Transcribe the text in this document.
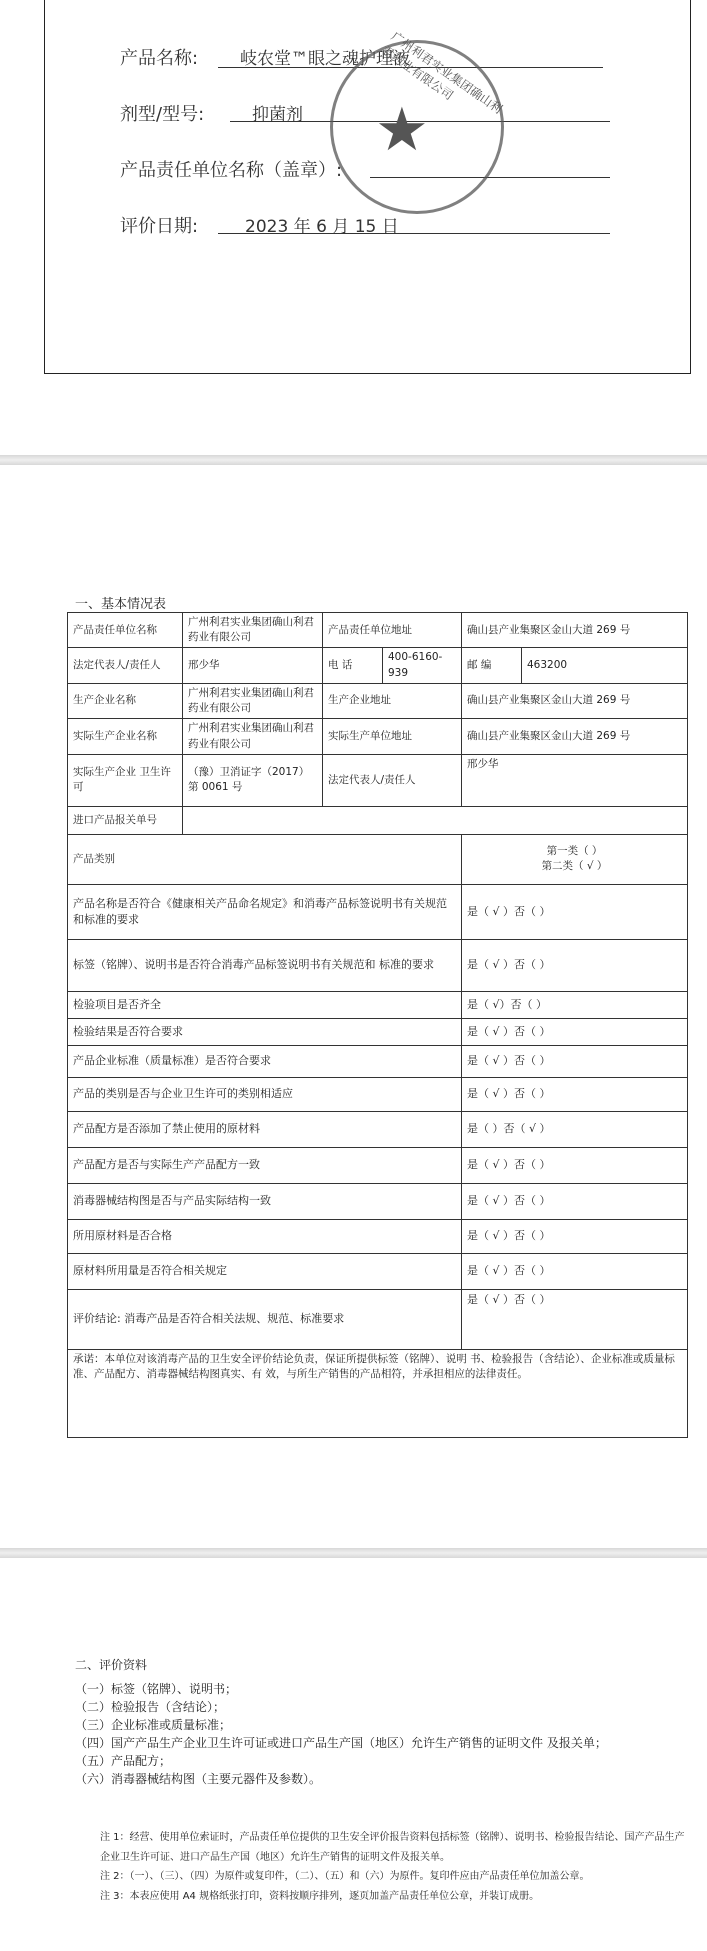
产品名称: 岐农堂™眼之魂护理液
剂型/型号:	抑菌剂
产品责任单位名称（盖章）:
评价日期:	2023 年 6 月 15 日
★
广州利君实业集团确山利君药业有限公司
一、基本情况表
产品责任单位名称	广州利君实业集团确山利君药业有限公司	产品责任单位地址		确山县产业集聚区金山大道 269 号	
法定代表人/责任人	邢少华	电 话	400-6160-939	邮 编	463200
生产企业名称	广州利君实业集团确山利君药业有限公司	生产企业地址		确山县产业集聚区金山大道 269 号	
实际生产企业名称	广州利君实业集团确山利君药业有限公司	实际生产单位地址		确山县产业集聚区金山大道 269 号	
实际生产企业 卫生许可	（豫）卫消证字（2017）第 0061 号	法定代表人/责任人		邢少华	
进口产品报关单号					
产品类别				第一类（ ）
第二类（ √ ）	

产品名称是否符合《健康相关产品命名规定》和消毒产品标签说明书有关规范和标准的要求				是（ √ ）否（ ）	
标签（铭牌）、说明书是否符合消毒产品标签说明书有关规范和 标准的要求				是（ √ ）否（ ）	
检验项目是否齐全				是（ √）否（ ）	
检验结果是否符合要求				是（ √ ）否（ ）	
产品企业标准（质量标准）是否符合要求				是（ √ ）否（ ）	
产品的类别是否与企业卫生许可的类别相适应				是（ √ ）否（ ）	
产品配方是否添加了禁止使用的原材料				是（ ）否（ √ ）	
产品配方是否与实际生产产品配方一致				是（ √ ）否（ ）	
消毒器械结构图是否与产品实际结构一致				是（ √ ）否（ ）	
所用原材料是否合格				是（ √ ）否（ ）	
原材料所用量是否符合相关规定				是（ √ ）否（ ）	
评价结论: 消毒产品是否符合相关法规、规范、标准要求				是（ √ ）否（ ）	
承诺：本单位对该消毒产品的卫生安全评价结论负责，保证所提供标签（铭牌）、说明 书、检验报告（含结论）、企业标准或质量标准、产品配方、消毒器械结构图真实、有 效，与所生产销售的产品相符，并承担相应的法律责任。					
二、评价资料
（一）标签（铭牌）、说明书；
（二）检验报告（含结论）；
（三）企业标准或质量标准；
（四）国产产品生产企业卫生许可证或进口产品生产国（地区）允许生产销售的证明文件 及报关单；
（五）产品配方；
（六）消毒器械结构图（主要元器件及参数）。
注 1：经营、使用单位索证时，产品责任单位提供的卫生安全评价报告资料包括标签（铭牌）、说明书、检验报告结论、国产产品生产企业卫生许可证、进口产品生产国（地区）允许生产销售的证明文件及报关单。
注 2：（一）、（三）、（四）为原件或复印件，（二）、（五）和（六）为原件。复印件应由产品责任单位加盖公章。
注 3：本表应使用 A4 规格纸张打印，资料按顺序排列，逐页加盖产品责任单位公章，并装订成册。
